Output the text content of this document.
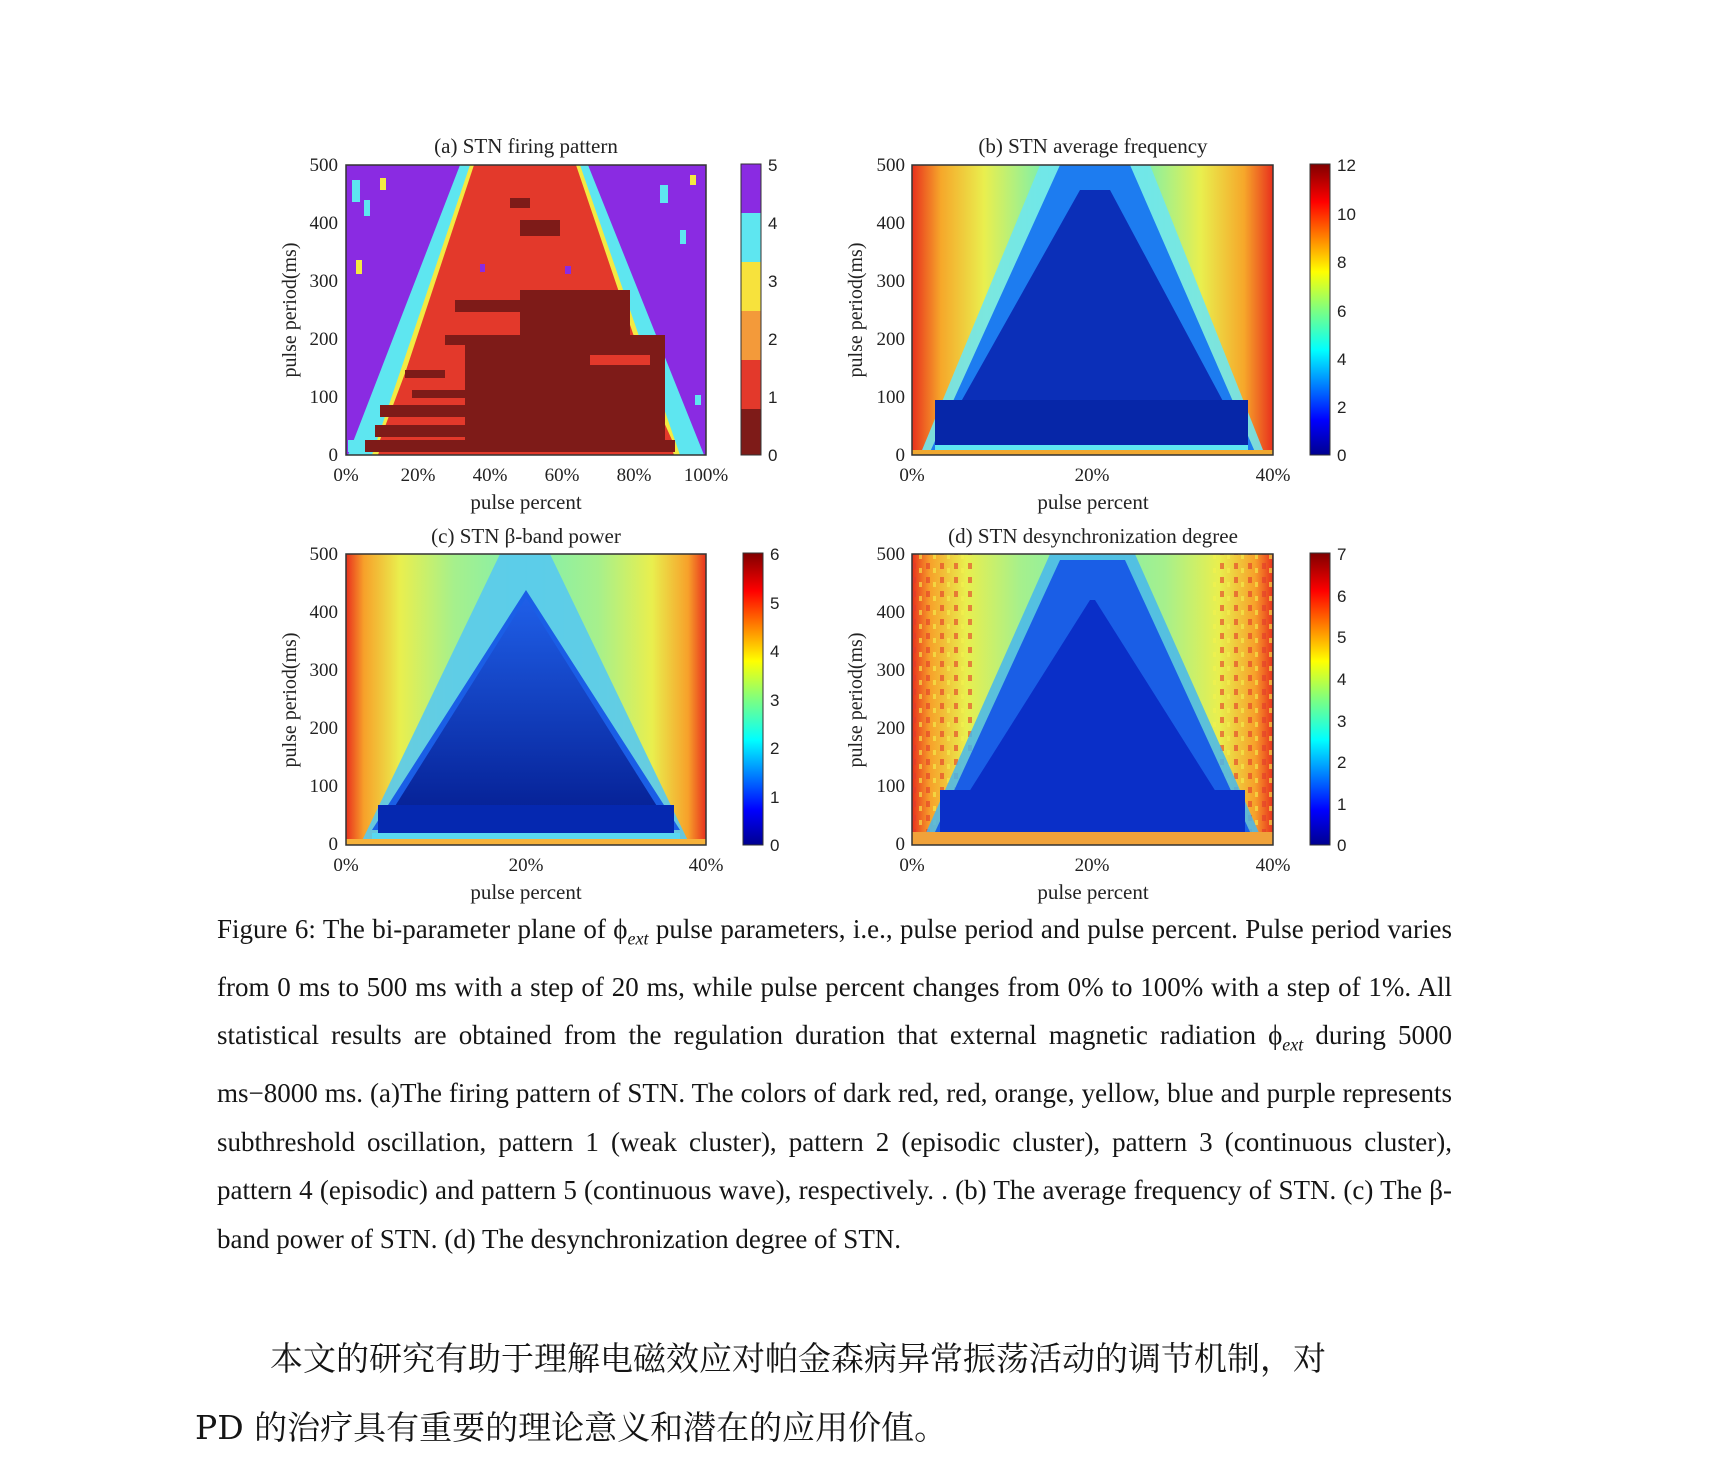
(a) STN firing pattern
500
400
300
200
100
0
pulse period(ms)
0% 20% 40% 60% 80% 100%
pulse percent
5
4
3
2
1
0
(b) STN average frequency
500
400
300
200
100
0
pulse period(ms)
0%	20%	40%
pulse percent
12
10
8
6
4
2
0
(c) STN β-band power
500
400
300
200
100
0
pulse period(ms)
0%	20%	40%
pulse percent
6
5
4
3
2
1
0
(d) STN desynchronization degree
500
400
300
200
100
0
pulse period(ms)
0%	20%	40%
pulse percent
7
6
5
4
3
2
1
0

Figure 6: The bi-parameter plane of $\phi_{ext}$ pulse parameters, i.e., pulse period and pulse percent. Pulse period varies from 0 ms to 500 ms with a step of 20 ms, while pulse percent changes from 0% to 100% with a step of 1%. All statistical results are obtained from the regulation duration that external magnetic radiation $\phi_{ext}$ during 5000 ms−8000 ms. (a)The firing pattern of STN. The colors of dark red, red, orange, yellow, blue and purple represents subthreshold oscillation, pattern 1 (weak cluster), pattern 2 (episodic cluster), pattern 3 (continuous cluster), pattern 4 (episodic) and pattern 5 (continuous wave), respectively. . (b) The average frequency of STN. (c) The β-band power of STN. (d) The desynchronization degree of STN.

本文的研究有助于理解电磁效应对帕金森病异常振荡活动的调节机制，对
PD 的治疗具有重要的理论意义和潜在的应用价值。
